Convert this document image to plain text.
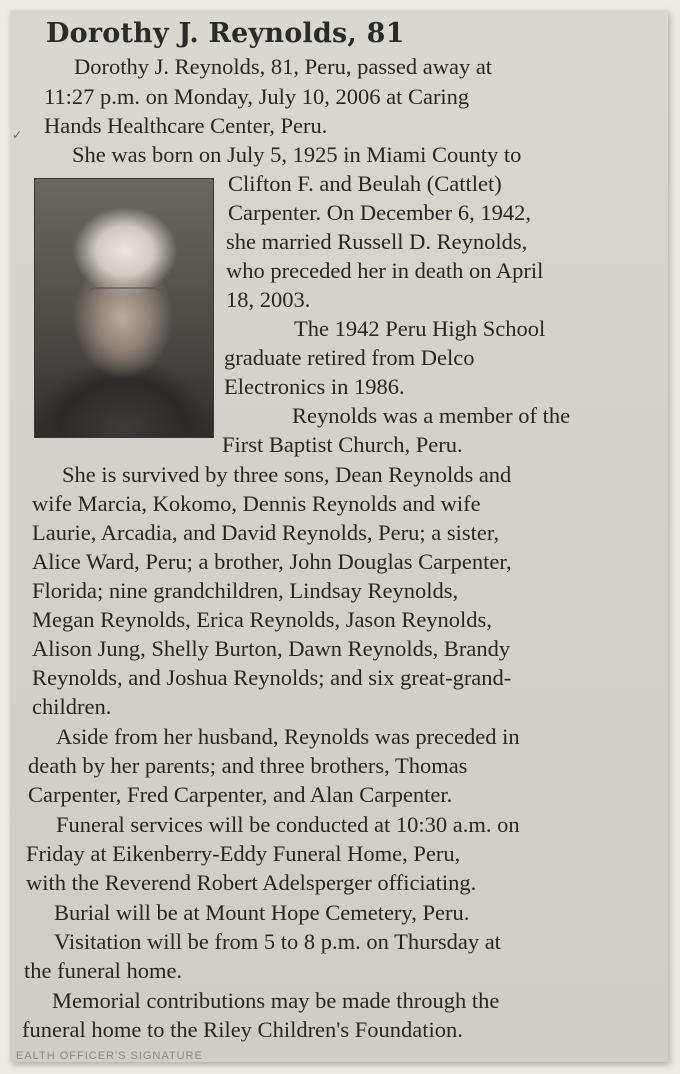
Dorothy J. Reynolds, 81
✓
Dorothy J. Reynolds, 81, Peru, passed away at
11:27 p.m. on Monday, July 10, 2006 at Caring
Hands Healthcare Center, Peru.
She was born on July 5, 1925 in Miami County to
Clifton F. and Beulah (Cattlet)
Carpenter. On December 6, 1942,
she married Russell D. Reynolds,
who preceded her in death on April
18, 2003.
The 1942 Peru High School
graduate retired from Delco
Electronics in 1986.
Reynolds was a member of the
First Baptist Church, Peru.
She is survived by three sons, Dean Reynolds and
wife Marcia, Kokomo, Dennis Reynolds and wife
Laurie, Arcadia, and David Reynolds, Peru; a sister,
Alice Ward, Peru; a brother, John Douglas Carpenter,
Florida; nine grandchildren, Lindsay Reynolds,
Megan Reynolds, Erica Reynolds, Jason Reynolds,
Alison Jung, Shelly Burton, Dawn Reynolds, Brandy
Reynolds, and Joshua Reynolds; and six great-grand-
children.
Aside from her husband, Reynolds was preceded in
death by her parents; and three brothers, Thomas
Carpenter, Fred Carpenter, and Alan Carpenter.
Funeral services will be conducted at 10:30 a.m. on
Friday at Eikenberry-Eddy Funeral Home, Peru,
with the Reverend Robert Adelsperger officiating.
Burial will be at Mount Hope Cemetery, Peru.
Visitation will be from 5 to 8 p.m. on Thursday at
the funeral home.
Memorial contributions may be made through the
funeral home to the Riley Children's Foundation.
EALTH OFFICER'S SIGNATURE
